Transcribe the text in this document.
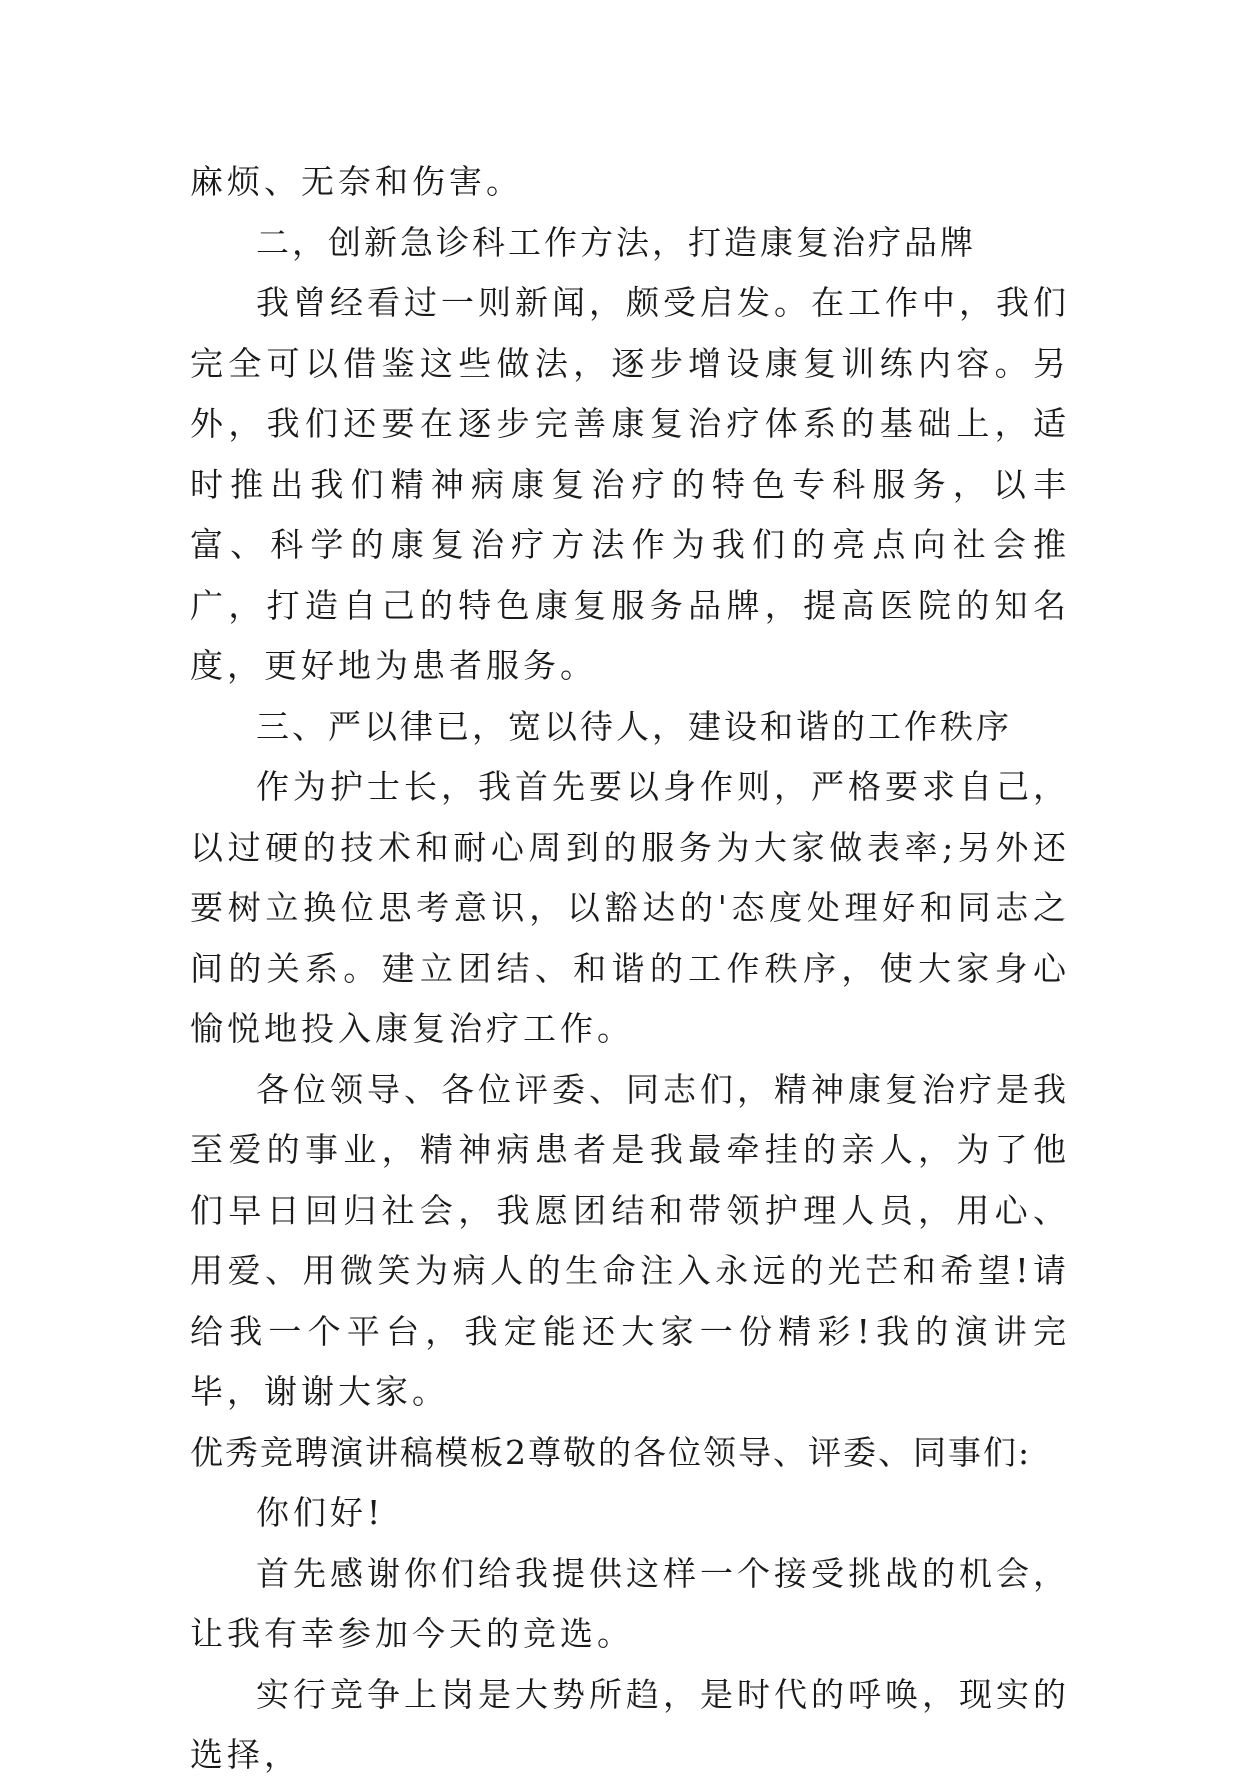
麻烦、无奈和伤害。

二，创新急诊科工作方法，打造康复治疗品牌

我曾经看过一则新闻，颇受启发。在工作中，我们完全可以借鉴这些做法，逐步增设康复训练内容。另外，我们还要在逐步完善康复治疗体系的基础上，适时推出我们精神病康复治疗的特色专科服务，以丰富、科学的康复治疗方法作为我们的亮点向社会推广，打造自己的特色康复服务品牌，提高医院的知名度，更好地为患者服务。

三、严以律已，宽以待人，建设和谐的工作秩序

作为护士长，我首先要以身作则，严格要求自己，以过硬的技术和耐心周到的服务为大家做表率;另外还要树立换位思考意识，以豁达的'态度处理好和同志之间的关系。建立团结、和谐的工作秩序，使大家身心愉悦地投入康复治疗工作。

各位领导、各位评委、同志们，精神康复治疗是我至爱的事业，精神病患者是我最牵挂的亲人，为了他们早日回归社会，我愿团结和带领护理人员，用心、用爱、用微笑为病人的生命注入永远的光芒和希望!请给我一个平台，我定能还大家一份精彩!我的演讲完毕，谢谢大家。

优秀竞聘演讲稿模板2尊敬的各位领导、评委、同事们:

你们好!

首先感谢你们给我提供这样一个接受挑战的机会，让我有幸参加今天的竞选。

实行竞争上岗是大势所趋，是时代的呼唤，现实的选择，
